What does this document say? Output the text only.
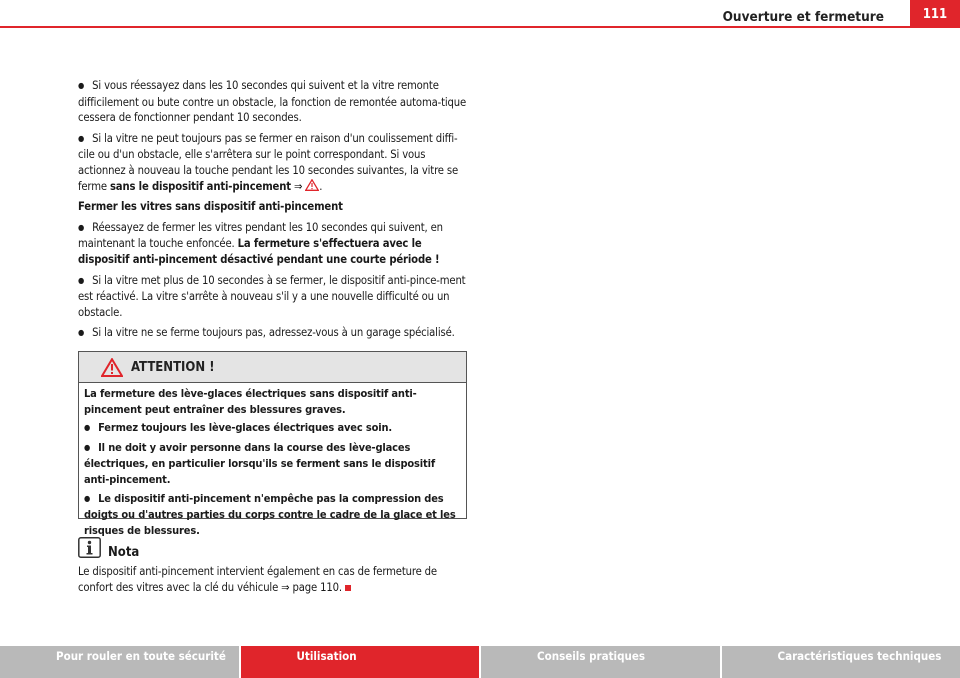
Ouverture et fermeture	111
● Si vous réessayez dans les 10 secondes qui suivent et la vitre remonte difficilement ou bute contre un obstacle, la fonction de remontée automa-tique cessera de fonctionner pendant 10 secondes.
● Si la vitre ne peut toujours pas se fermer en raison d'un coulissement diffi-cile ou d'un obstacle, elle s'arrêtera sur le point correspondant. Si vous actionnez à nouveau la touche pendant les 10 secondes suivantes, la vitre se ferme sans le dispositif anti-pincement ⇒ .
Fermer les vitres sans dispositif anti-pincement
● Réessayez de fermer les vitres pendant les 10 secondes qui suivent, en maintenant la touche enfoncée. La fermeture s'effectuera avec le dispositif anti-pincement désactivé pendant une courte période !
● Si la vitre met plus de 10 secondes à se fermer, le dispositif anti-pince-ment est réactivé. La vitre s'arrête à nouveau s'il y a une nouvelle difficulté ou un obstacle.
● Si la vitre ne se ferme toujours pas, adressez-vous à un garage spécialisé.
ATTENTION !
La fermeture des lève-glaces électriques sans dispositif anti-pincement peut entraîner des blessures graves.
● Fermez toujours les lève-glaces électriques avec soin.
● Il ne doit y avoir personne dans la course des lève-glaces électriques, en particulier lorsqu'ils se ferment sans le dispositif anti-pincement.
● Le dispositif anti-pincement n'empêche pas la compression des doigts ou d'autres parties du corps contre le cadre de la glace et les risques de blessures.
Nota
Le dispositif anti-pincement intervient également en cas de fermeture de confort des vitres avec la clé du véhicule ⇒ page 110.
Pour rouler en toute sécurité	Utilisation	Conseils pratiques	Caractéristiques techniques
